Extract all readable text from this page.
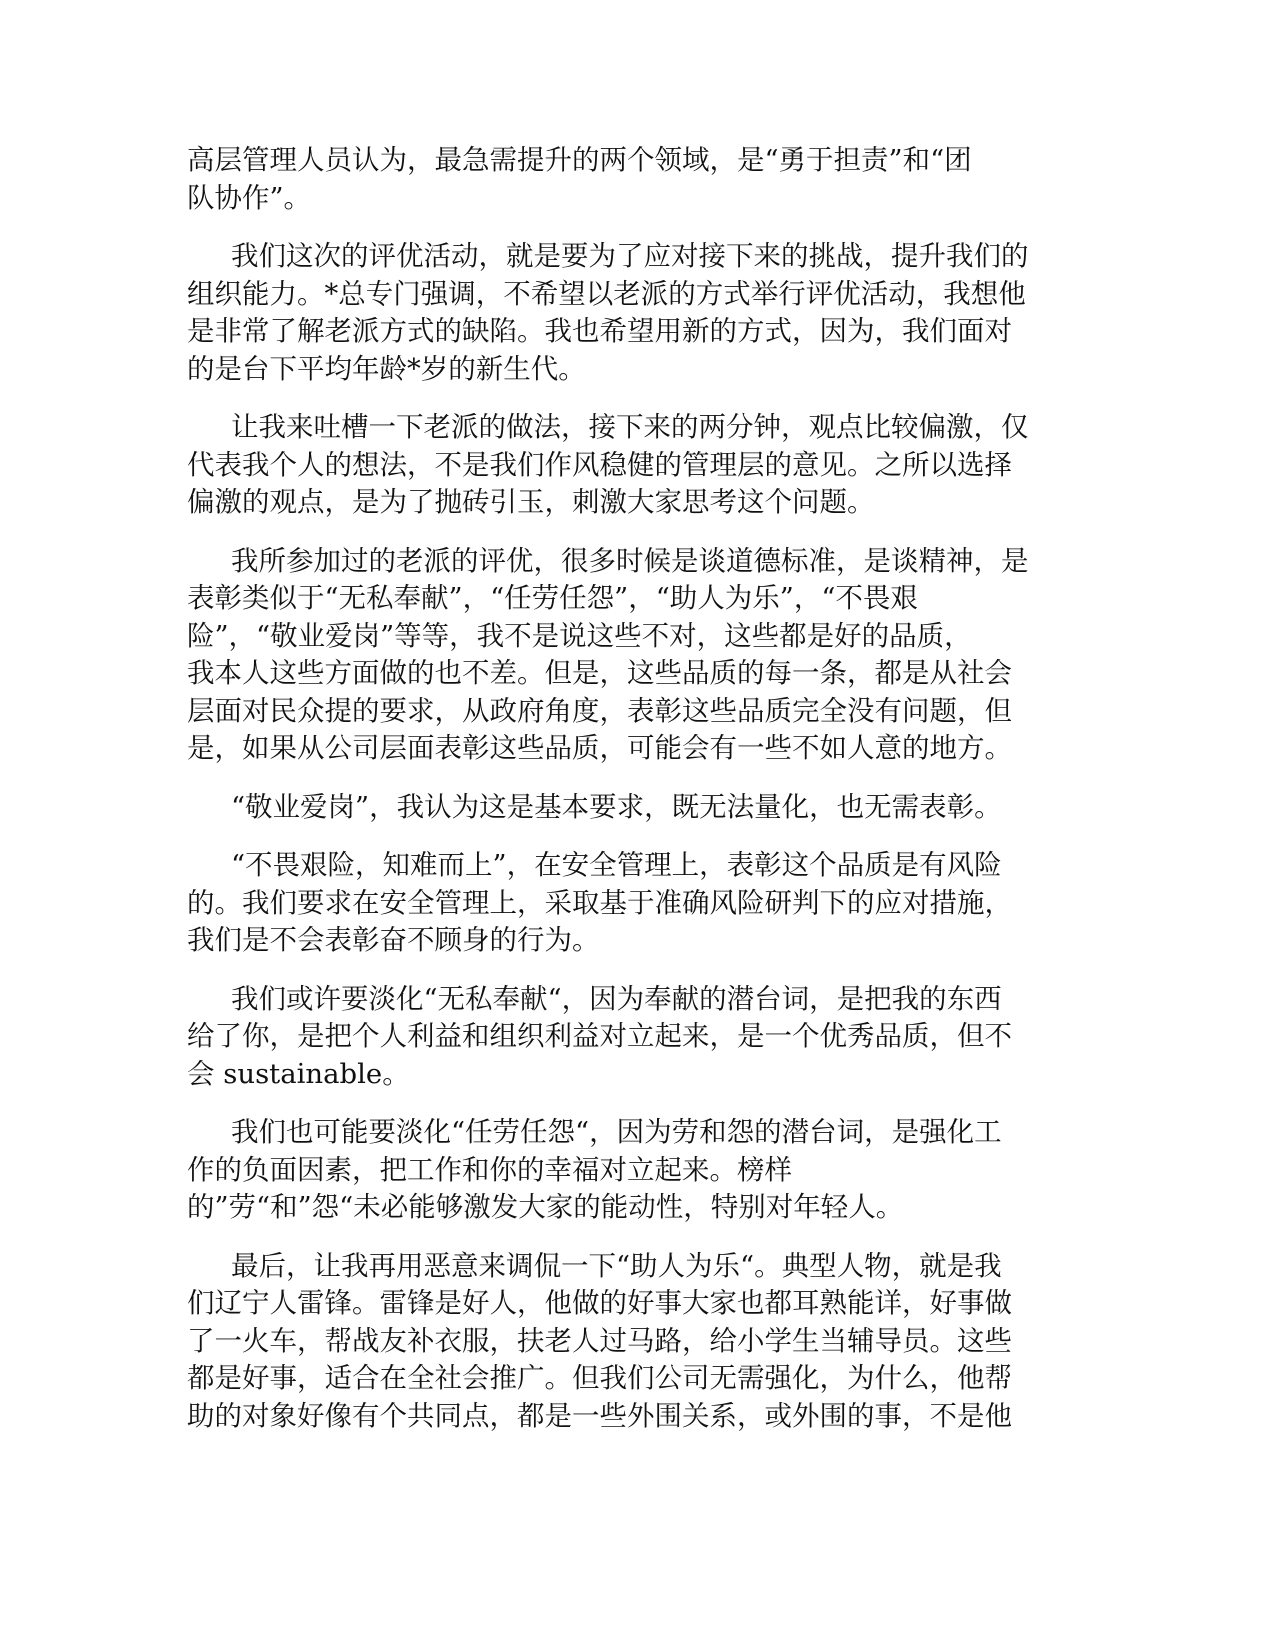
高层管理人员认为，最急需提升的两个领域，是“勇于担责”和“团
队协作”。

我们这次的评优活动，就是要为了应对接下来的挑战，提升我们的
组织能力。*总专门强调，不希望以老派的方式举行评优活动，我想他
是非常了解老派方式的缺陷。我也希望用新的方式，因为，我们面对
的是台下平均年龄*岁的新生代。

让我来吐槽一下老派的做法，接下来的两分钟，观点比较偏激，仅
代表我个人的想法，不是我们作风稳健的管理层的意见。之所以选择
偏激的观点，是为了抛砖引玉，刺激大家思考这个问题。

我所参加过的老派的评优，很多时候是谈道德标准，是谈精神，是
表彰类似于“无私奉献”，“任劳任怨”，“助人为乐”，“不畏艰
险”，“敬业爱岗”等等，我不是说这些不对，这些都是好的品质，
我本人这些方面做的也不差。但是，这些品质的每一条，都是从社会
层面对民众提的要求，从政府角度，表彰这些品质完全没有问题，但
是，如果从公司层面表彰这些品质，可能会有一些不如人意的地方。

“敬业爱岗”，我认为这是基本要求，既无法量化，也无需表彰。

“不畏艰险，知难而上”，在安全管理上，表彰这个品质是有风险
的。我们要求在安全管理上，采取基于准确风险研判下的应对措施，
我们是不会表彰奋不顾身的行为。

我们或许要淡化“无私奉献“，因为奉献的潜台词，是把我的东西
给了你，是把个人利益和组织利益对立起来，是一个优秀品质，但不
会 sustainable。

我们也可能要淡化“任劳任怨“，因为劳和怨的潜台词，是强化工
作的负面因素，把工作和你的幸福对立起来。榜样
的”劳“和”怨“未必能够激发大家的能动性，特别对年轻人。

最后，让我再用恶意来调侃一下“助人为乐“。典型人物，就是我
们辽宁人雷锋。雷锋是好人，他做的好事大家也都耳熟能详，好事做
了一火车，帮战友补衣服，扶老人过马路，给小学生当辅导员。这些
都是好事，适合在全社会推广。但我们公司无需强化，为什么，他帮
助的对象好像有个共同点，都是一些外围关系，或外围的事，不是他
